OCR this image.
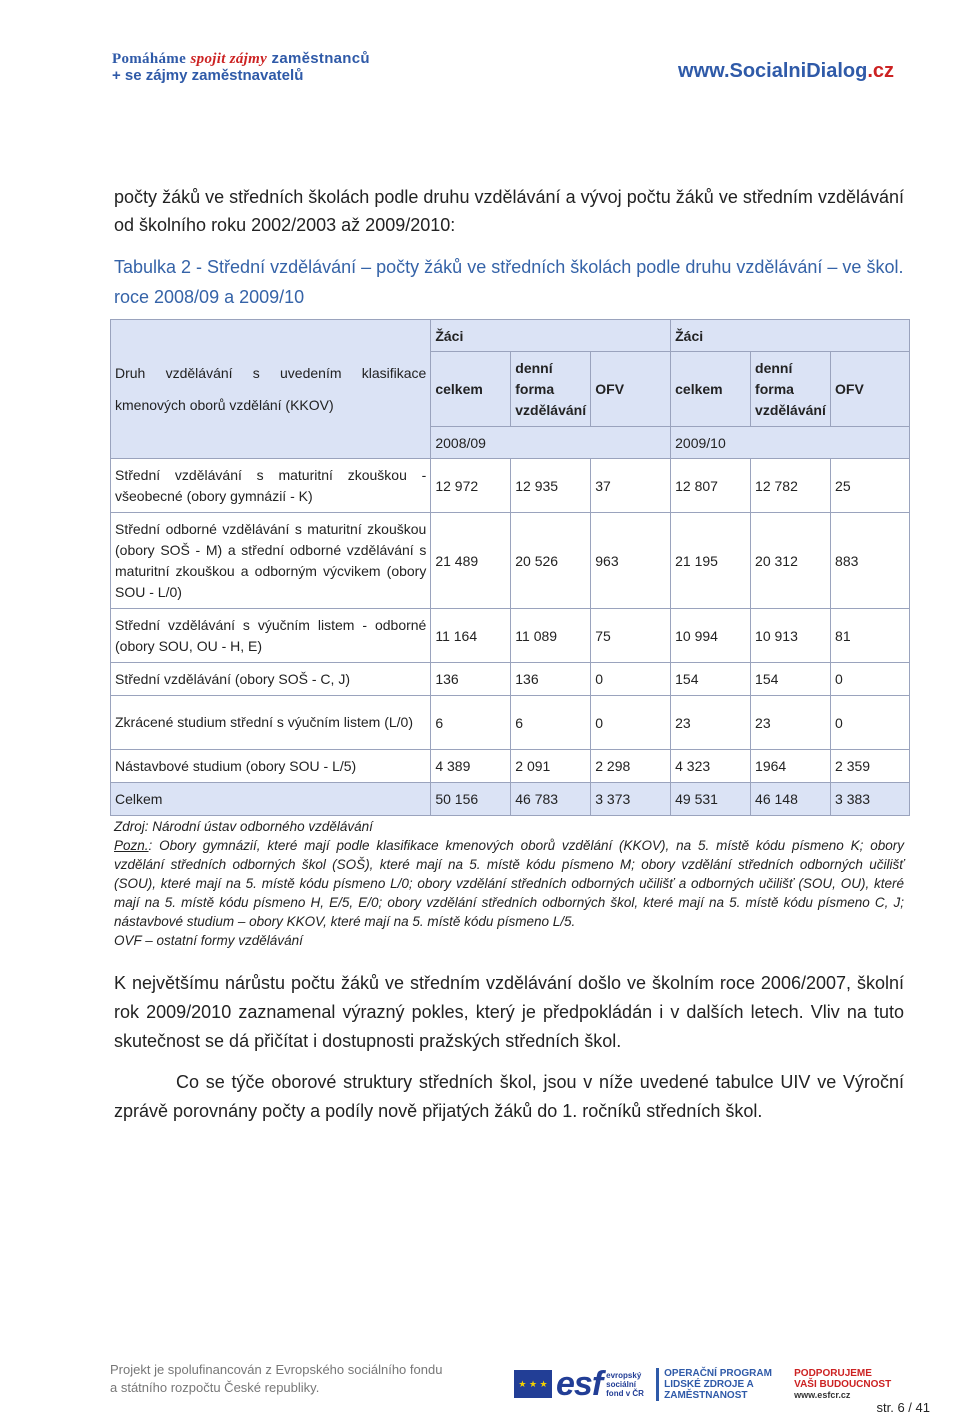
Pomáháme spojit zájmy zaměstnanců
+ se zájmy zaměstnavatelů	www.SocialniDialog.cz
počty žáků ve středních školách podle druhu vzdělávání a vývoj počtu žáků ve středním vzdělávání od školního roku 2002/2003 až 2009/2010:
Tabulka 2 - Střední vzdělávání – počty žáků ve středních školách podle druhu vzdělávání – ve škol. roce 2008/09 a 2009/10
Druh vzdělávání s uvedením klasifikace kmenových oborů vzdělání (KKOV)	Žáci			Žáci		
	celkem	denní forma vzdělávání	OFV	celkem	denní forma vzdělávání	OFV
	2008/09			2009/10		
Střední vzdělávání s maturitní zkouškou - všeobecné (obory gymnázií - K)	12 972	12 935	37	12 807	12 782	25
Střední odborné vzdělávání s maturitní zkouškou (obory SOŠ - M) a střední odborné vzdělávání s maturitní zkouškou a odborným výcvikem (obory SOU - L/0)	21 489	20 526	963	21 195	20 312	883
Střední vzdělávání s výučním listem - odborné (obory SOU, OU - H, E)	11 164	11 089	75	10 994	10 913	81
Střední vzdělávání (obory SOŠ - C, J)	136	136	0	154	154	0
Zkrácené studium střední s výučním listem (L/0)	6	6	0	23	23	0
Nástavbové studium (obory SOU - L/5)	4 389	2 091	2 298	4 323	1964	2 359
Celkem	50 156	46 783	3 373	49 531	46 148	3 383
Zdroj: Národní ústav odborného vzdělávání
Pozn.: Obory gymnázií, které mají podle klasifikace kmenových oborů vzdělání (KKOV), na 5. místě kódu písmeno K; obory vzdělání středních odborných škol (SOŠ), které mají na 5. místě kódu písmeno M; obory vzdělání středních odborných učilišť (SOU), které mají na 5. místě kódu písmeno L/0; obory vzdělání středních odborných učilišť a odborných učilišť (SOU, OU), které mají na 5. místě kódu písmeno H, E/5, E/0; obory vzdělání středních odborných škol, které mají na 5. místě kódu písmeno C, J; nástavbové studium – obory KKOV, které mají na 5. místě kódu písmeno L/5.
OVF – ostatní formy vzdělávání
K největšímu nárůstu počtu žáků ve středním vzdělávání došlo ve školním roce 2006/2007, školní rok 2009/2010 zaznamenal výrazný pokles, který je předpokládán i v dalších letech. Vliv na tuto skutečnost se dá přičítat i dostupnosti pražských středních škol.
Co se týče oborové struktury středních škol, jsou v níže uvedené tabulce UIV ve Výroční zprávě porovnány počty a podíly nově přijatých žáků do 1. ročníků středních škol.
Projekt je spolufinancován z Evropského sociálního fondu
a státního rozpočtu České republiky.	★ ★ ★ esf evropský sociální fond v ČR
OPERAČNÍ PROGRAM LIDSKÉ ZDROJE A ZAMĚSTNANOST
PODPORUJEME VAŠI BUDOUCNOST
www.esfcr.cz
str. 6 / 41
